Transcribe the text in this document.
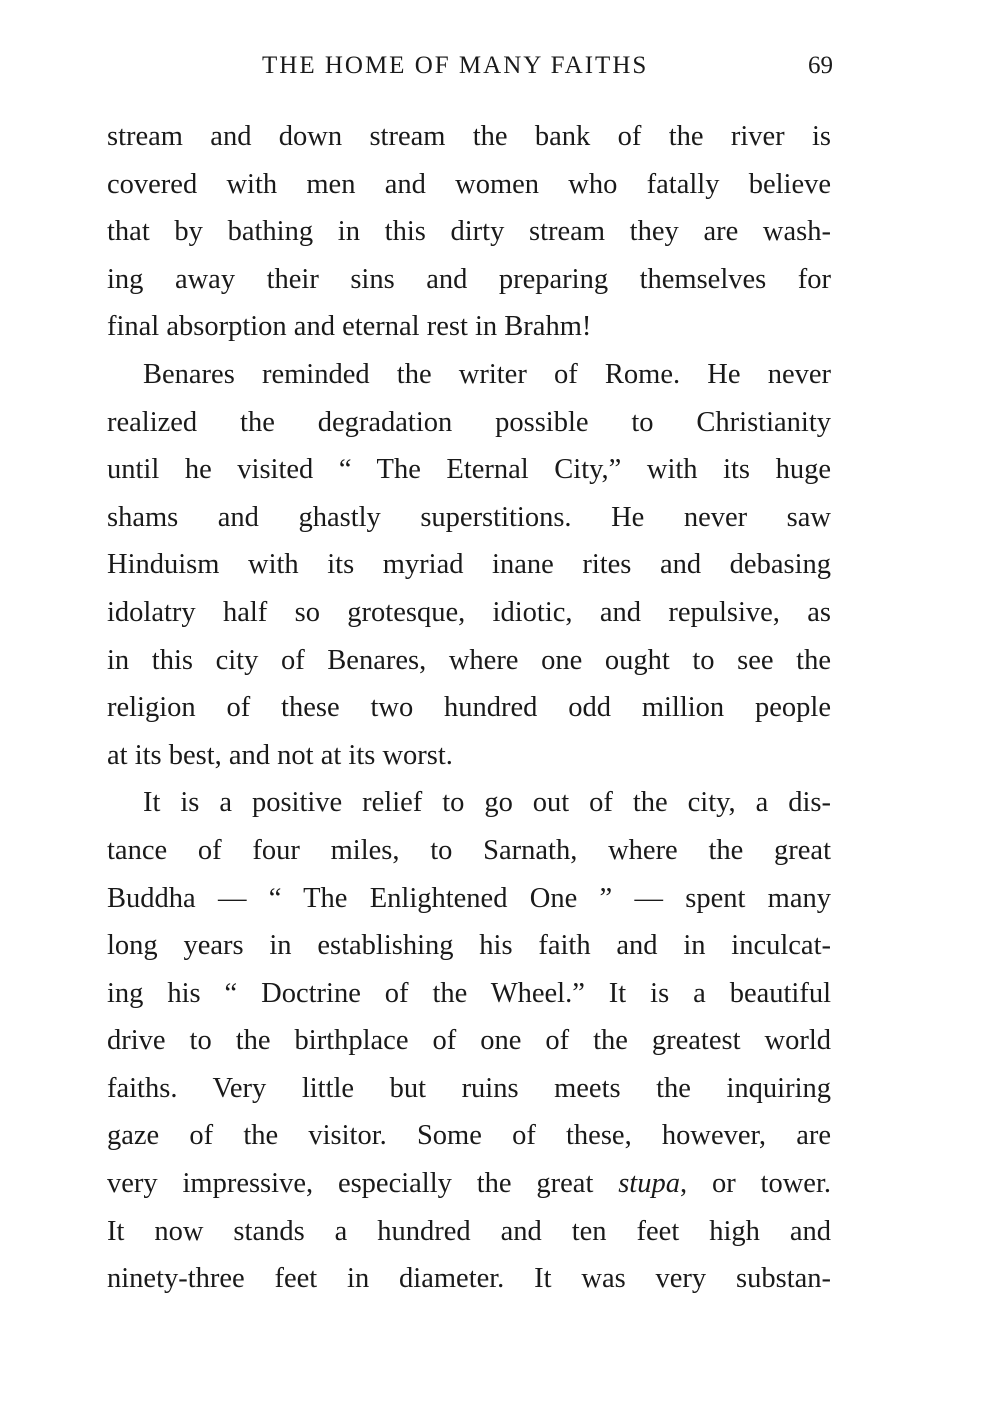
THE HOME OF MANY FAITHS	69
stream and down stream the bank of the river is
covered with men and women who fatally believe
that by bathing in this dirty stream they are wash-
ing away their sins and preparing themselves for
final absorption and eternal rest in Brahm!
Benares reminded the writer of Rome. He never
realized the degradation possible to Christianity
until he visited “ The Eternal City,” with its huge
shams and ghastly superstitions. He never saw
Hinduism with its myriad inane rites and debasing
idolatry half so grotesque, idiotic, and repulsive, as
in this city of Benares, where one ought to see the
religion of these two hundred odd million people
at its best, and not at its worst.
It is a positive relief to go out of the city, a dis-
tance of four miles, to Sarnath, where the great
Buddha — “ The Enlightened One ” — spent many
long years in establishing his faith and in inculcat-
ing his “ Doctrine of the Wheel.” It is a beautiful
drive to the birthplace of one of the greatest world
faiths. Very little but ruins meets the inquiring
gaze of the visitor. Some of these, however, are
very impressive, especially the great stupa, or tower.
It now stands a hundred and ten feet high and
ninety-three feet in diameter. It was very substan-
